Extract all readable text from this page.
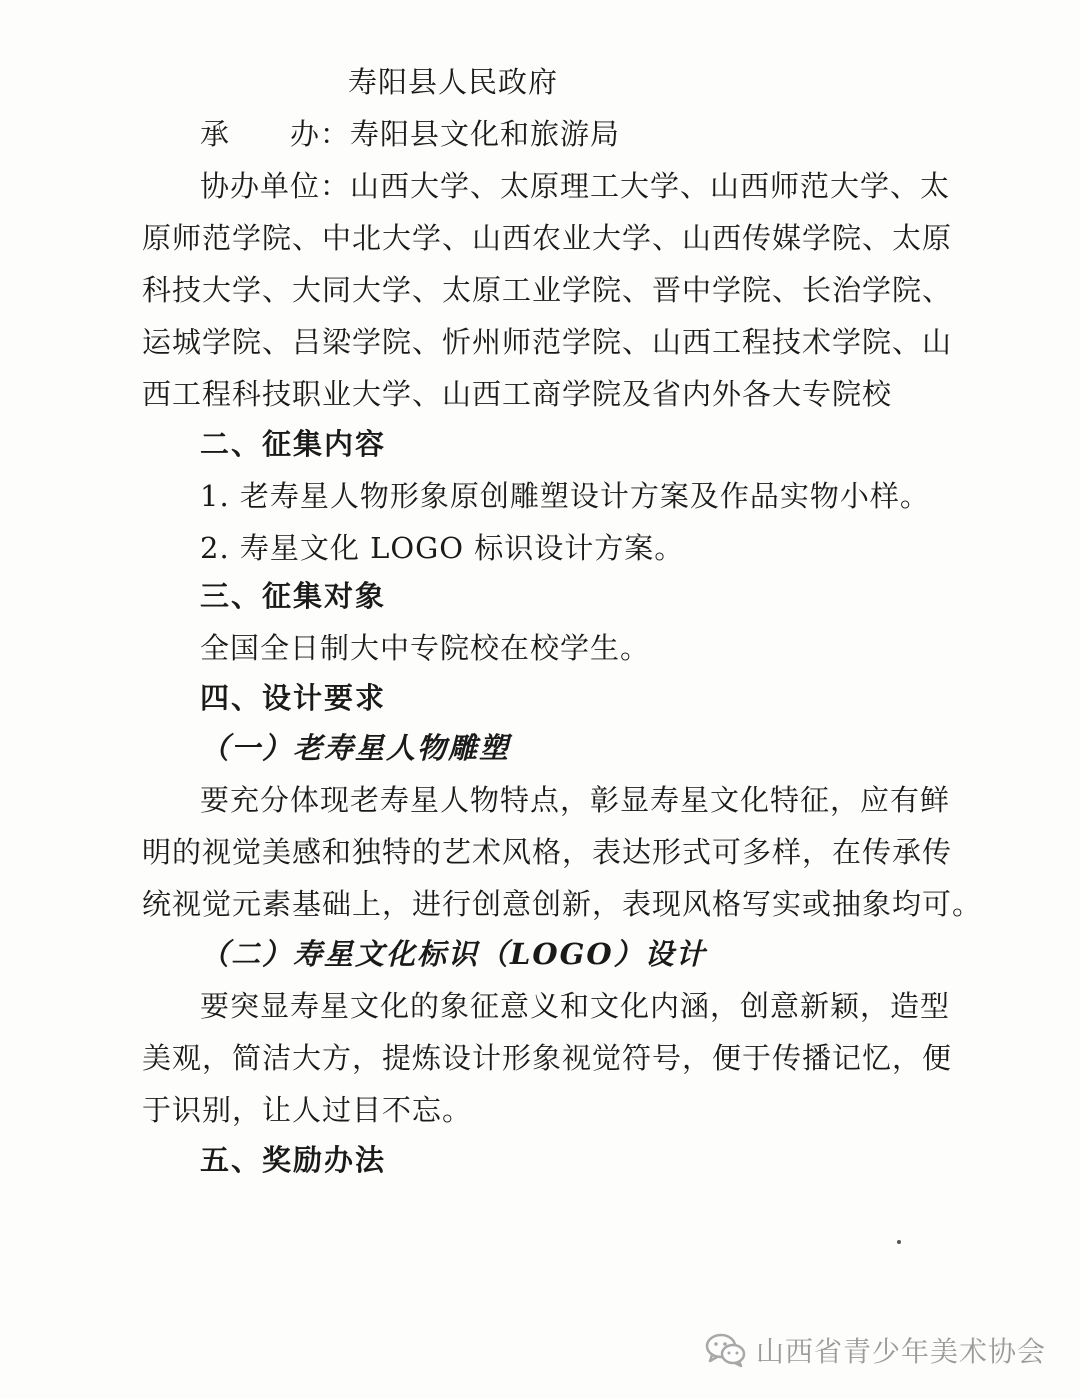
寿阳县人民政府
承　　办：寿阳县文化和旅游局
协办单位：山西大学、太原理工大学、山西师范大学、太
原师范学院、中北大学、山西农业大学、山西传媒学院、太原
科技大学、大同大学、太原工业学院、晋中学院、长治学院、
运城学院、吕梁学院、忻州师范学院、山西工程技术学院、山
西工程科技职业大学、山西工商学院及省内外各大专院校
二、征集内容
1. 老寿星人物形象原创雕塑设计方案及作品实物小样。
2. 寿星文化 LOGO 标识设计方案。
三、征集对象
全国全日制大中专院校在校学生。
四、设计要求
（一）老寿星人物雕塑
要充分体现老寿星人物特点，彰显寿星文化特征，应有鲜
明的视觉美感和独特的艺术风格，表达形式可多样，在传承传
统视觉元素基础上，进行创意创新，表现风格写实或抽象均可。
（二）寿星文化标识（LOGO）设计
要突显寿星文化的象征意义和文化内涵，创意新颖，造型
美观，简洁大方，提炼设计形象视觉符号，便于传播记忆，便
于识别，让人过目不忘。
五、奖励办法
山西省青少年美术协会
